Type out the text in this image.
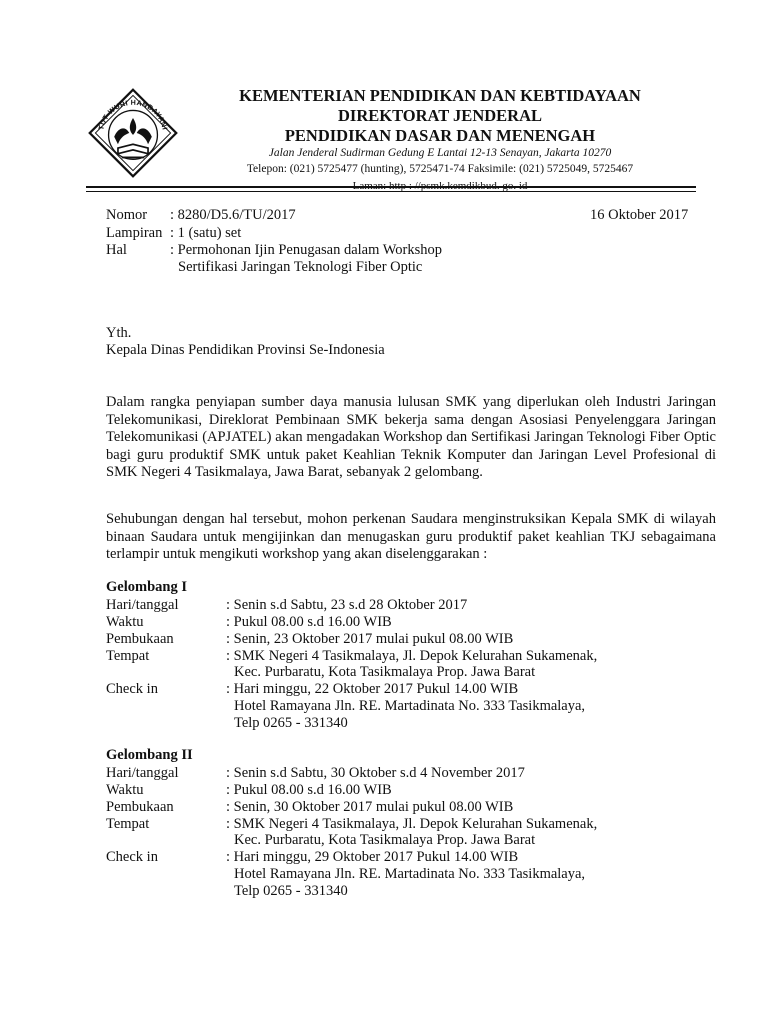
TUT WURI HANDAYANI
KEMENTERIAN PENDIDIKAN DAN KEBTIDAYAAN
DIREKTORAT JENDERAL
PENDIDIKAN DASAR DAN MENENGAH
Jalan Jenderal Sudirman Gedung E Lantai 12-13 Senayan, Jakarta 10270
Telepon: (021) 5725477 (hunting), 5725471-74 Faksimile: (021) 5725049, 5725467
Laman: http : //psmk.kemdikbud. go. id
Nomor : 8280/D5.6/TU/2017	16 Oktober 2017
Lampiran : 1 (satu) set
Hal	: Permohonan Ijin Penugasan dalam Workshop
Sertifikasi Jaringan Teknologi Fiber Optic
Yth.
Kepala Dinas Pendidikan Provinsi Se-Indonesia
Dalam rangka penyiapan sumber daya manusia lulusan SMK yang diperlukan oleh Industri Jaringan Telekomunikasi, Direklorat Pembinaan SMK bekerja sama dengan Asosiasi Penyelenggara Jaringan Telekomunikasi (APJATEL) akan mengadakan Workshop dan Sertifikasi Jaringan Teknologi Fiber Optic bagi guru produktif SMK untuk paket Keahlian Teknik Komputer dan Jaringan Level Profesional di SMK Negeri 4 Tasikmalaya, Jawa Barat, sebanyak 2 gelombang.
Sehubungan dengan hal tersebut, mohon perkenan Saudara menginstruksikan Kepala SMK di wilayah binaan Saudara untuk mengijinkan dan menugaskan guru produktif paket keahlian TKJ sebagaimana terlampir untuk mengikuti workshop yang akan diselenggarakan :
Gelombang I
Hari/tanggal	: Senin s.d Sabtu, 23 s.d 28 Oktober 2017
Waktu	: Pukul 08.00 s.d 16.00 WIB
Pembukaan	: Senin, 23 Oktober 2017 mulai pukul 08.00 WIB
Tempat	: SMK Negeri 4 Tasikmalaya, Jl. Depok Kelurahan Sukamenak,
Kec. Purbaratu, Kota Tasikmalaya Prop. Jawa Barat
Check in	: Hari minggu, 22 Oktober 2017 Pukul 14.00 WIB
Hotel Ramayana Jln. RE. Martadinata No. 333 Tasikmalaya,
Telp 0265 - 331340
Gelombang II
Hari/tanggal	: Senin s.d Sabtu, 30 Oktober s.d 4 November 2017
Waktu	: Pukul 08.00 s.d 16.00 WIB
Pembukaan	: Senin, 30 Oktober 2017 mulai pukul 08.00 WIB
Tempat	: SMK Negeri 4 Tasikmalaya, Jl. Depok Kelurahan Sukamenak,
Kec. Purbaratu, Kota Tasikmalaya Prop. Jawa Barat
Check in	: Hari minggu, 29 Oktober 2017 Pukul 14.00 WIB
Hotel Ramayana Jln. RE. Martadinata No. 333 Tasikmalaya,
Telp 0265 - 331340
